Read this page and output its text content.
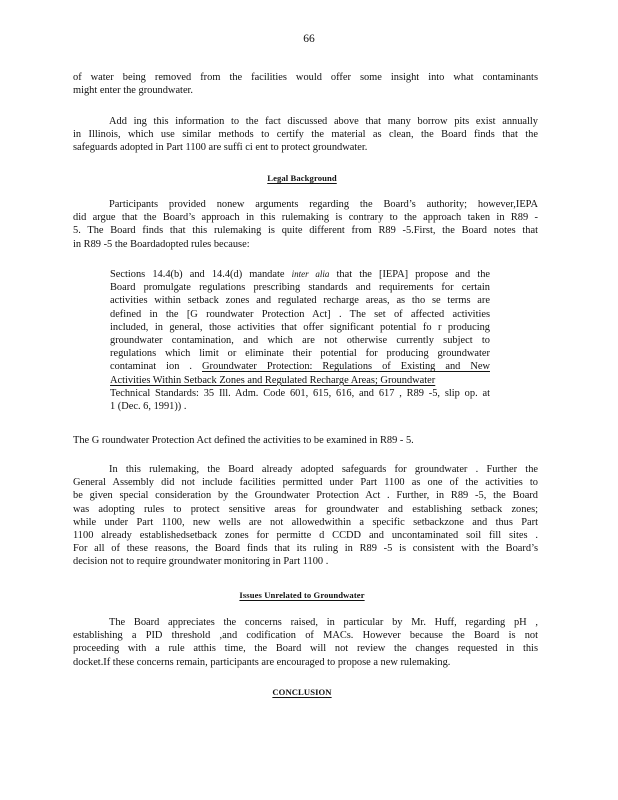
66
of water being removed from the facilities would offer some insight into what contaminants
might enter the groundwater.
Add ing this information to the fact discussed above that many borrow pits exist annually
in Illinois, which use similar methods to certify the material as clean, the Board finds that the
safeguards adopted in Part 1100 are suffi ci ent to protect groundwater.
Legal Background
Participants provided nonew arguments regarding the Board’s authority; however,IEPA
did argue that the Board’s approach in this rulemaking is contrary to the approach taken in R89 -
5. The Board finds that this rulemaking is quite different from R89 -5.First, the Board notes that
in R89 -5 the Boardadopted rules because:
Sections 14.4(b) and 14.4(d) mandate inter alia that the [IEPA] propose and the
Board promulgate regulations prescribing standards and requirements for certain
activities within setback zones and regulated recharge areas, as tho se terms are
defined in the [G roundwater Protection Act] . The set of affected activities
included, in general, those activities that offer significant potential fo r producing
groundwater contamination, and which are not otherwise currently subject to
regulations which limit or eliminate their potential for producing groundwater
contaminat ion . Groundwater Protection: Regulations of Existing and New
Activities Within Setback Zones and Regulated Recharge Areas; Groundwater
Technical Standards: 35 Ill. Adm. Code 601, 615, 616, and 617 , R89 -5, slip op. at
1 (Dec. 6, 1991)) .
The G roundwater Protection Act defined the activities to be examined in R89 - 5.
In this rulemaking, the Board already adopted safeguards for groundwater . Further the
General Assembly did not include facilities permitted under Part 1100 as one of the activities to
be given special consideration by the Groundwater Protection Act . Further, in R89 -5, the Board
was adopting rules to protect sensitive areas for groundwater and establishing setback zones;
while under Part 1100, new wells are not allowedwithin a specific setbackzone and thus Part
1100 already establishedsetback zones for permitte d CCDD and uncontaminated soil fill sites .
For all of these reasons, the Board finds that its ruling in R89 -5 is consistent with the Board’s
decision not to require groundwater monitoring in Part 1100 .
Issues Unrelated to Groundwater
The Board appreciates the concerns raised, in particular by Mr. Huff, regarding pH ,
establishing a PID threshold ,and codification of MACs. However because the Board is not
proceeding with a rule atthis time, the Board will not review the changes requested in this
docket.If these concerns remain, participants are encouraged to propose a new rulemaking.
CONCLUSION
